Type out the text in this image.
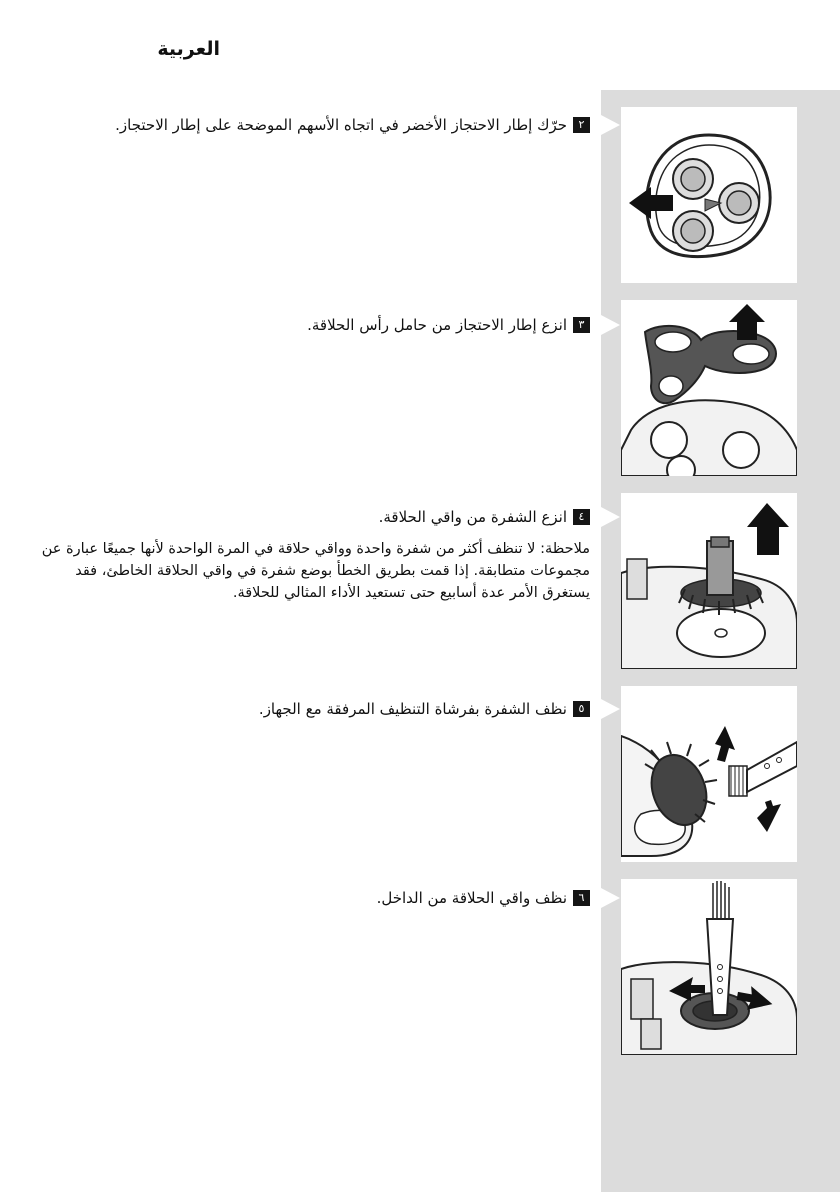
العربية
٢حرّك إطار الاحتجاز الأخضر في اتجاه الأسهم الموضحة على إطار الاحتجاز.
٣انزع إطار الاحتجاز من حامل رأس الحلاقة.
٤انزع الشفرة من واقي الحلاقة.
ملاحظة: لا تنظف أكثر من شفرة واحدة وواقي حلاقة في المرة الواحدة لأنها جميعًا عبارة عن مجموعات متطابقة. إذا قمت بطريق الخطأ بوضع شفرة في واقي الحلاقة الخاطئ، فقد يستغرق الأمر عدة أسابيع حتى تستعيد الأداء المثالي للحلاقة.
٥نظف الشفرة بفرشاة التنظيف المرفقة مع الجهاز.
٦نظف واقي الحلاقة من الداخل.
